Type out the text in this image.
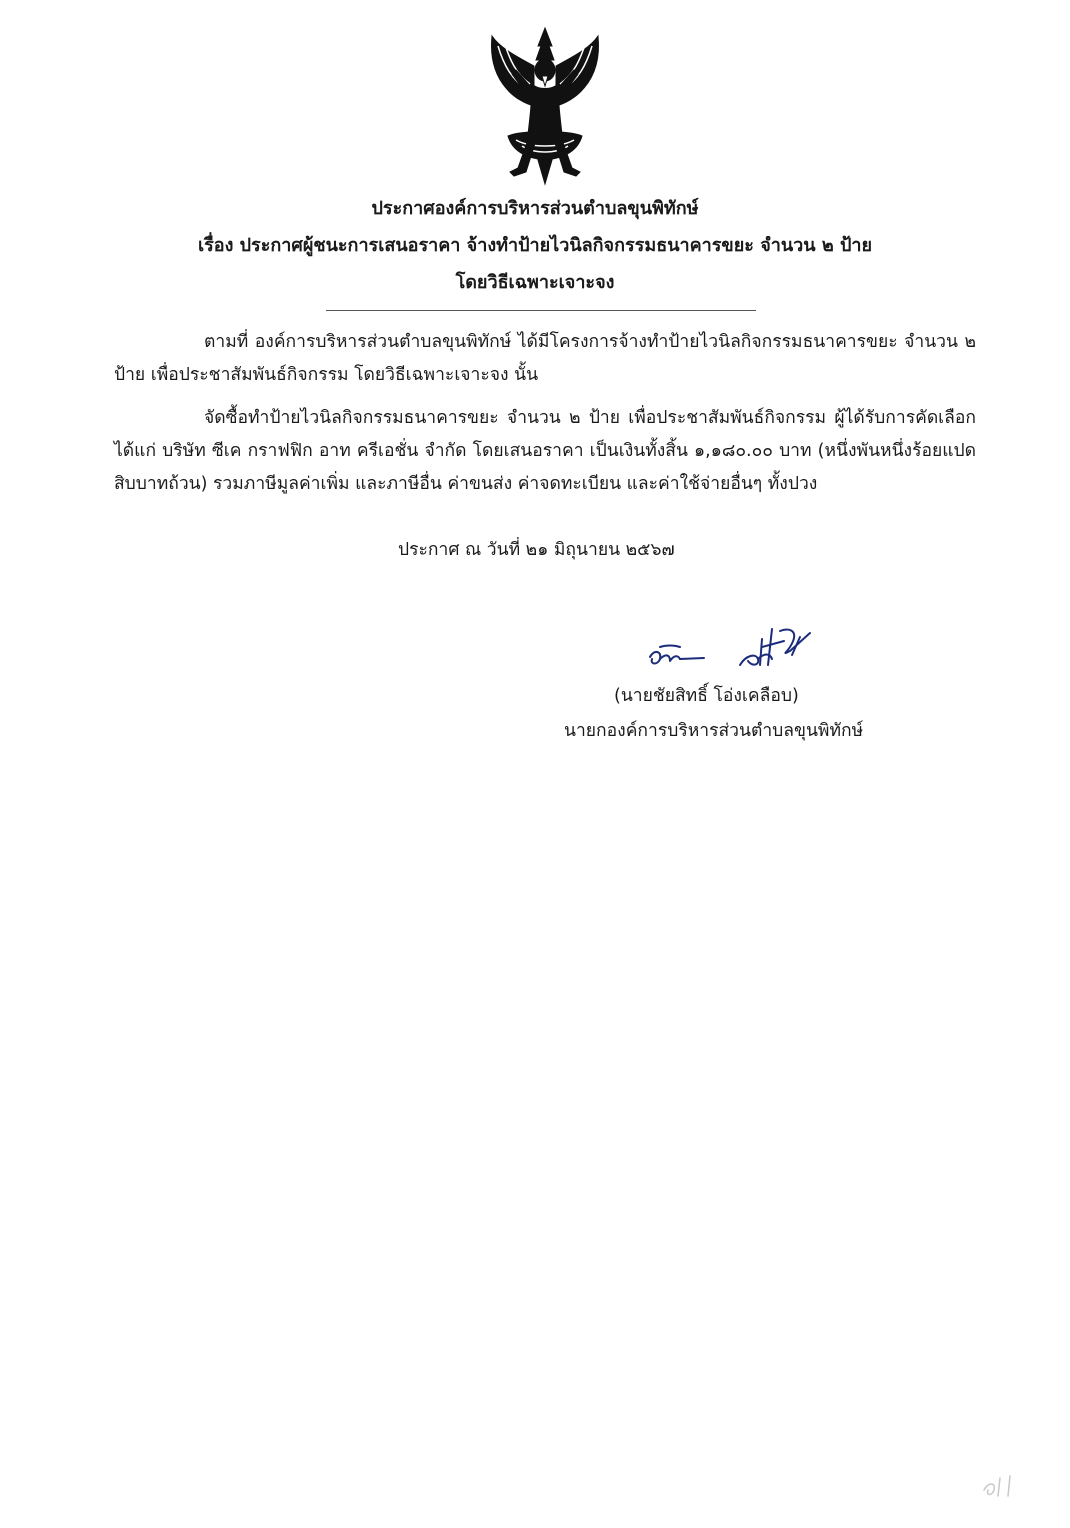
ประกาศองค์การบริหารส่วนตำบลขุนพิทักษ์
เรื่อง ประกาศผู้ชนะการเสนอราคา จ้างทำป้ายไวนิลกิจกรรมธนาคารขยะ จำนวน ๒ ป้าย
โดยวิธีเฉพาะเจาะจง
ตามที่ องค์การบริหารส่วนตำบลขุนพิทักษ์ ได้มีโครงการจ้างทำป้ายไวนิลกิจกรรมธนาคารขยะ จำนวน ๒ ป้าย เพื่อประชาสัมพันธ์กิจกรรม โดยวิธีเฉพาะเจาะจง นั้น
จัดซื้อทำป้ายไวนิลกิจกรรมธนาคารขยะ จำนวน ๒ ป้าย เพื่อประชาสัมพันธ์กิจกรรม ผู้ได้รับการคัดเลือก ได้แก่ บริษัท ซีเค กราฟฟิก อาท ครีเอชั่น จำกัด โดยเสนอราคา เป็นเงินทั้งสิ้น ๑,๑๘๐.๐๐ บาท (หนึ่งพันหนึ่งร้อยแปดสิบบาทถ้วน) รวมภาษีมูลค่าเพิ่ม และภาษีอื่น ค่าขนส่ง ค่าจดทะเบียน และค่าใช้จ่ายอื่นๆ ทั้งปวง
ประกาศ ณ วันที่ ๒๑ มิถุนายน ๒๕๖๗
(นายชัยสิทธิ์ โอ่งเคลือบ)
นายกองค์การบริหารส่วนตำบลขุนพิทักษ์
